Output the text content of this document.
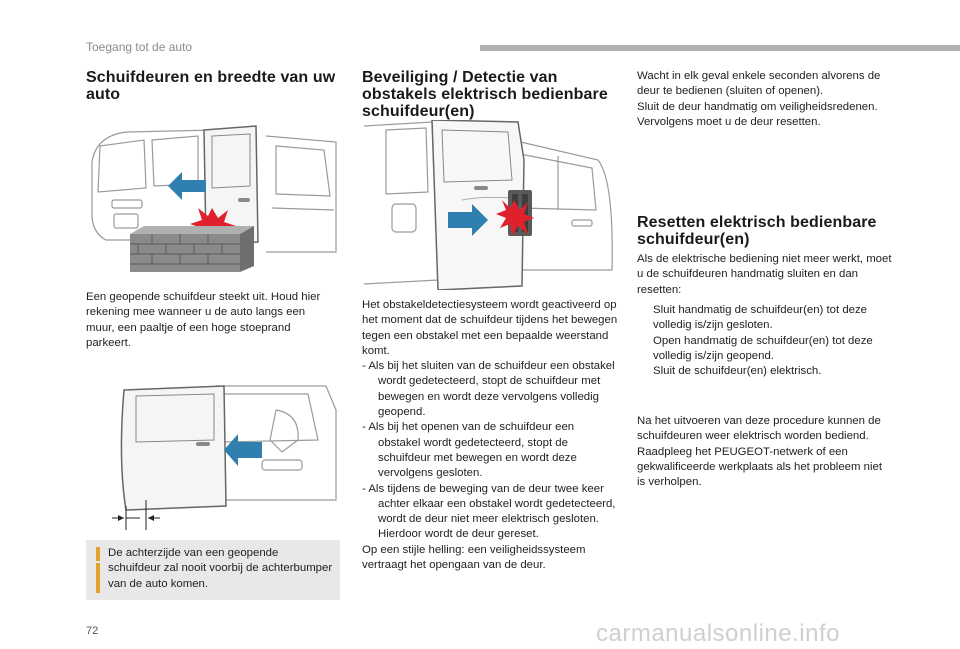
Toegang tot de auto
Schuifdeuren en breedte van uw auto
Een geopende schuifdeur steekt uit. Houd hier rekening mee wanneer u de auto langs een muur, een paaltje of een hoge stoeprand parkeert.
De achterzijde van een geopende schuifdeur zal nooit voorbij de achterbumper van de auto komen.
Beveiliging / Detectie van obstakels elektrisch bedienbare schuifdeur(en)

Het obstakeldetectiesysteem wordt geactiveerd op het moment dat de schuifdeur tijdens het bewegen tegen een obstakel met een bepaalde weerstand komt.

- Als bij het sluiten van de schuifdeur een obstakel wordt gedetecteerd, stopt de schuifdeur met bewegen en wordt deze vervolgens volledig geopend.

- Als bij het openen van de schuifdeur een obstakel wordt gedetecteerd, stopt de schuifdeur met bewegen en wordt deze vervolgens gesloten.

- Als tijdens de beweging van de deur twee keer achter elkaar een obstakel wordt gedetecteerd, wordt de deur niet meer elektrisch gesloten. Hierdoor wordt de deur gereset.

Op een stijle helling: een veiligheidssysteem vertraagt het opengaan van de deur.

Wacht in elk geval enkele seconden alvorens de deur te bedienen (sluiten of openen).

Sluit de deur handmatig om veiligheidsredenen. Vervolgens moet u de deur resetten.

Resetten elektrisch bedienbare schuifdeur(en)
Als de elektrische bediening niet meer werkt, moet u de schuifdeuren handmatig sluiten en dan resetten:

Sluit handmatig de schuifdeur(en) tot deze volledig is/zijn gesloten.

Open handmatig de schuifdeur(en) tot deze volledig is/zijn geopend.

Sluit de schuifdeur(en) elektrisch.

Na het uitvoeren van deze procedure kunnen de schuifdeuren weer elektrisch worden bediend.

Raadpleeg het PEUGEOT-netwerk of een gekwalificeerde werkplaats als het probleem niet is verholpen.

72	carmanualsonline.info
